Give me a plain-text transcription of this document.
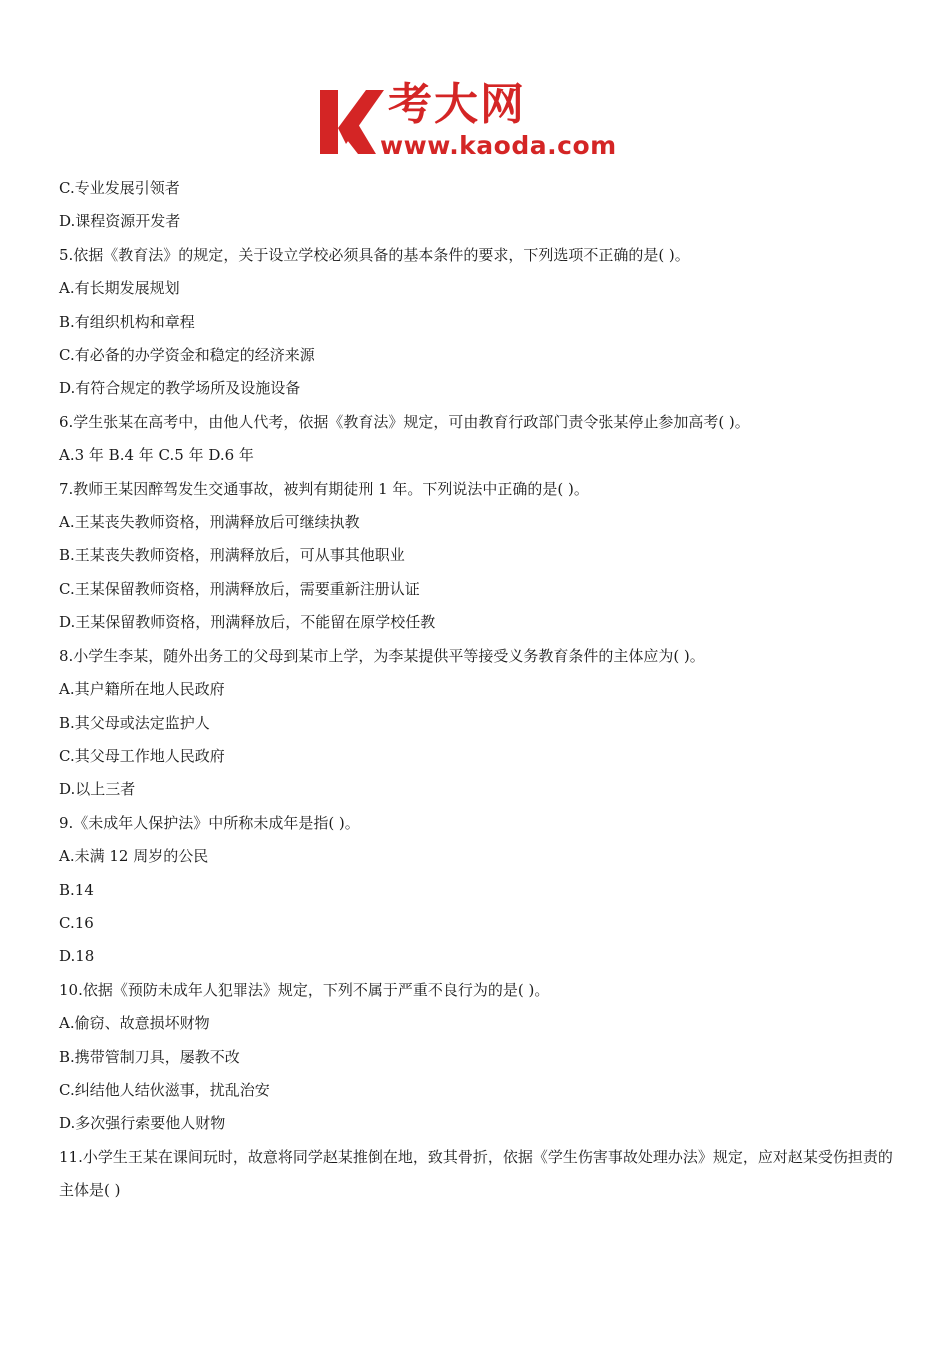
考大网
www.kaoda.com
C.专业发展引领者
D.课程资源开发者
5.依据《教育法》的规定，关于设立学校必须具备的基本条件的要求，下列选项不正确的是( )。
A.有长期发展规划
B.有组织机构和章程
C.有必备的办学资金和稳定的经济来源
D.有符合规定的教学场所及设施设备
6.学生张某在高考中，由他人代考，依据《教育法》规定，可由教育行政部门责令张某停止参加高考( )。
A.3 年 B.4 年 C.5 年 D.6 年
7.教师王某因醉驾发生交通事故，被判有期徒刑 1 年。下列说法中正确的是( )。
A.王某丧失教师资格，刑满释放后可继续执教
B.王某丧失教师资格，刑满释放后，可从事其他职业
C.王某保留教师资格，刑满释放后，需要重新注册认证
D.王某保留教师资格，刑满释放后，不能留在原学校任教
8.小学生李某，随外出务工的父母到某市上学，为李某提供平等接受义务教育条件的主体应为( )。
A.其户籍所在地人民政府
B.其父母或法定监护人
C.其父母工作地人民政府
D.以上三者
9.《未成年人保护法》中所称未成年是指( )。
A.未满 12 周岁的公民
B.14
C.16
D.18
10.依据《预防未成年人犯罪法》规定，下列不属于严重不良行为的是( )。
A.偷窃、故意损坏财物
B.携带管制刀具，屡教不改
C.纠结他人结伙滋事，扰乱治安
D.多次强行索要他人财物
11.小学生王某在课间玩时，故意将同学赵某推倒在地，致其骨折，依据《学生伤害事故处理办法》规定，应对赵某受伤担责的主体是( )
